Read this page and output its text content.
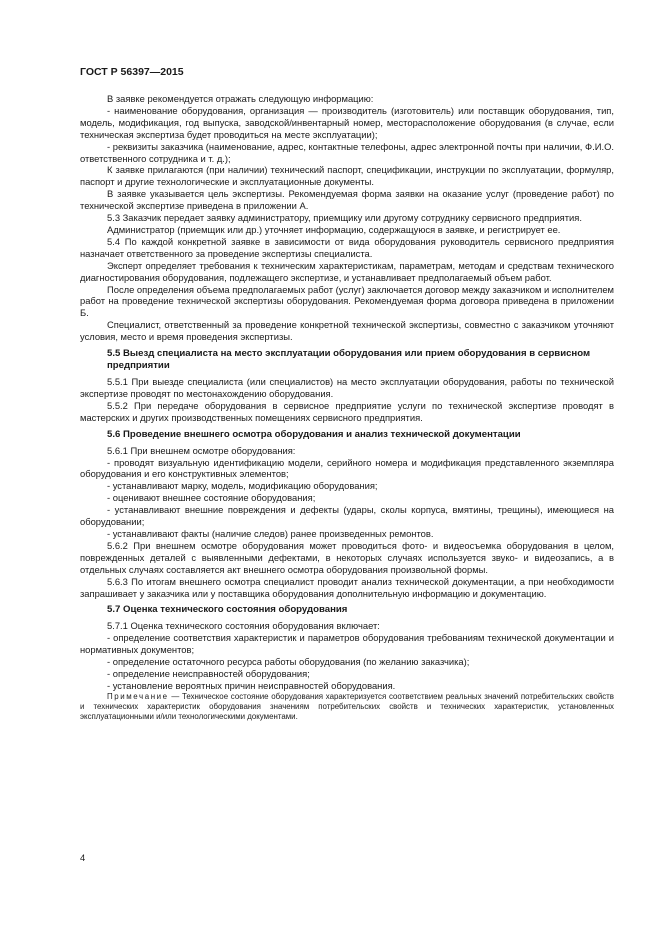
ГОСТ Р 56397—2015

В заявке рекомендуется отражать следующую информацию:

- наименование оборудования, организация — производитель (изготовитель) или поставщик оборудования, тип, модель, модификация, год выпуска, заводской/инвентарный номер, месторасположение оборудования (в случае, если техническая экспертиза будет проводиться на месте эксплуатации);

- реквизиты заказчика (наименование, адрес, контактные телефоны, адрес электронной почты при наличии, Ф.И.О. ответственного сотрудника и т. д.);

К заявке прилагаются (при наличии) технический паспорт, спецификации, инструкции по эксплуатации, формуляр, паспорт и другие технологические и эксплуатационные документы.

В заявке указывается цель экспертизы. Рекомендуемая форма заявки на оказание услуг (проведение работ) по технической экспертизе приведена в приложении А.

5.3 Заказчик передает заявку администратору, приемщику или другому сотруднику сервисного предприятия.

Администратор (приемщик или др.) уточняет информацию, содержащуюся в заявке, и регистрирует ее.

5.4 По каждой конкретной заявке в зависимости от вида оборудования руководитель сервисного предприятия назначает ответственного за проведение экспертизы специалиста.

Эксперт определяет требования к техническим характеристикам, параметрам, методам и средствам технического диагностирования оборудования, подлежащего экспертизе, и устанавливает предполагаемый объем работ.

После определения объема предполагаемых работ (услуг) заключается договор между заказчиком и исполнителем работ на проведение технической экспертизы оборудования. Рекомендуемая форма договора приведена в приложении Б.

Специалист, ответственный за проведение конкретной технической экспертизы, совместно с заказчиком уточняют условия, место и время проведения экспертизы.

5.5 Выезд специалиста на место эксплуатации оборудования или прием оборудования в сервисном предприятии

5.5.1 При выезде специалиста (или специалистов) на место эксплуатации оборудования, работы по технической экспертизе проводят по местонахождению оборудования.

5.5.2 При передаче оборудования в сервисное предприятие услуги по технической экспертизе проводят в мастерских и других производственных помещениях сервисного предприятия.

5.6 Проведение внешнего осмотра оборудования и анализ технической документации

5.6.1 При внешнем осмотре оборудования:

- проводят визуальную идентификацию модели, серийного номера и модификация представленного экземпляра оборудования и его конструктивных элементов;

- устанавливают марку, модель, модификацию оборудования;

- оценивают внешнее состояние оборудования;

- устанавливают внешние повреждения и дефекты (удары, сколы корпуса, вмятины, трещины), имеющиеся на оборудовании;

- устанавливают факты (наличие следов) ранее произведенных ремонтов.

5.6.2 При внешнем осмотре оборудования может проводиться фото- и видеосъемка оборудования в целом, поврежденных деталей с выявленными дефектами, в некоторых случаях используется звуко- и видеозапись, а в отдельных случаях составляется акт внешнего осмотра оборудования произвольной формы.

5.6.3 По итогам внешнего осмотра специалист проводит анализ технической документации, а при необходимости запрашивает у заказчика или у поставщика оборудования дополнительную информацию и документацию.

5.7 Оценка технического состояния оборудования

5.7.1 Оценка технического состояния оборудования включает:

- определение соответствия характеристик и параметров оборудования требованиям технической документации и нормативных документов;

- определение остаточного ресурса работы оборудования (по желанию заказчика);

- определение неисправностей оборудования;

- установление вероятных причин неисправностей оборудования.

Примечание — Техническое состояние оборудования характеризуется соответствием реальных значений потребительских свойств и технических характеристик оборудования значениям потребительских свойств и технических характеристик, установленных эксплуатационными и/или технологическими документами.

4
